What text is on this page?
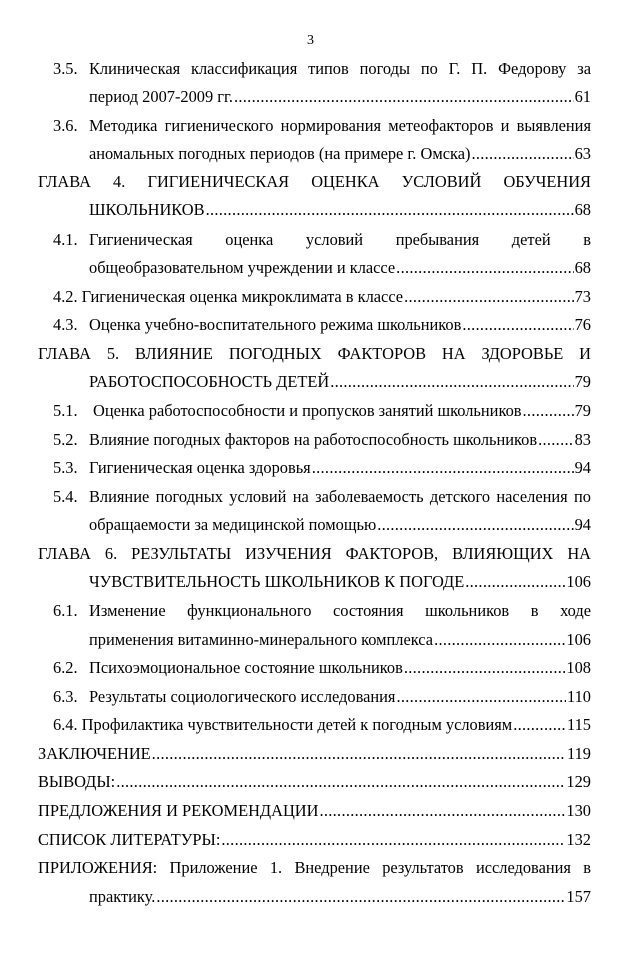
3
3.5. Клиническая классификация типов погоды по Г. П. Федорову за
период 2007-2009 гг. . . .	61
3.6. Методика гигиенического нормирования метеофакторов и выявления
аномальных погодных периодов (на примере г. Омска) . . .	63
ГЛАВА 4. ГИГИЕНИЧЕСКАЯ ОЦЕНКА УСЛОВИЙ ОБУЧЕНИЯ
ШКОЛЬНИКОВ . . .	68
4.1. Гигиеническая оценка условий пребывания детей в
общеобразовательном учреждении и классе . . .	68
4.2. Гигиеническая оценка микроклимата в классе . . .	73
4.3. Оценка учебно-воспитательного режима школьников . . .	76
ГЛАВА 5. ВЛИЯНИЕ ПОГОДНЫХ ФАКТОРОВ НА ЗДОРОВЬЕ И
РАБОТОСПОСОБНОСТЬ ДЕТЕЙ . . .	79
5.1. Оценка работоспособности и пропусков занятий школьников . . .	79
5.2. Влияние погодных факторов на работоспособность школьников . . . 83
5.3. Гигиеническая оценка здоровья . . .	94
5.4. Влияние погодных условий на заболеваемость детского населения по
обращаемости за медицинской помощью . . .	94
ГЛАВА 6. РЕЗУЛЬТАТЫ ИЗУЧЕНИЯ ФАКТОРОВ, ВЛИЯЮЩИХ НА
ЧУВСТВИТЕЛЬНОСТЬ ШКОЛЬНИКОВ К ПОГОДЕ . . .	106
6.1. Изменение функционального состояния школьников в ходе
применения витаминно-минерального комплекса . . .	106
6.2. Психоэмоциональное состояние школьников . . .	108
6.3. Результаты социологического исследования . . .	110
6.4. Профилактика чувствительности детей к погодным условиям . . .	115
ЗАКЛЮЧЕНИЕ . . .	119
ВЫВОДЫ: . . .	129
ПРЕДЛОЖЕНИЯ И РЕКОМЕНДАЦИИ . . .	130
СПИСОК ЛИТЕРАТУРЫ: . . .	132
ПРИЛОЖЕНИЯ: Приложение 1. Внедрение результатов исследования в
практику. . . .	157
